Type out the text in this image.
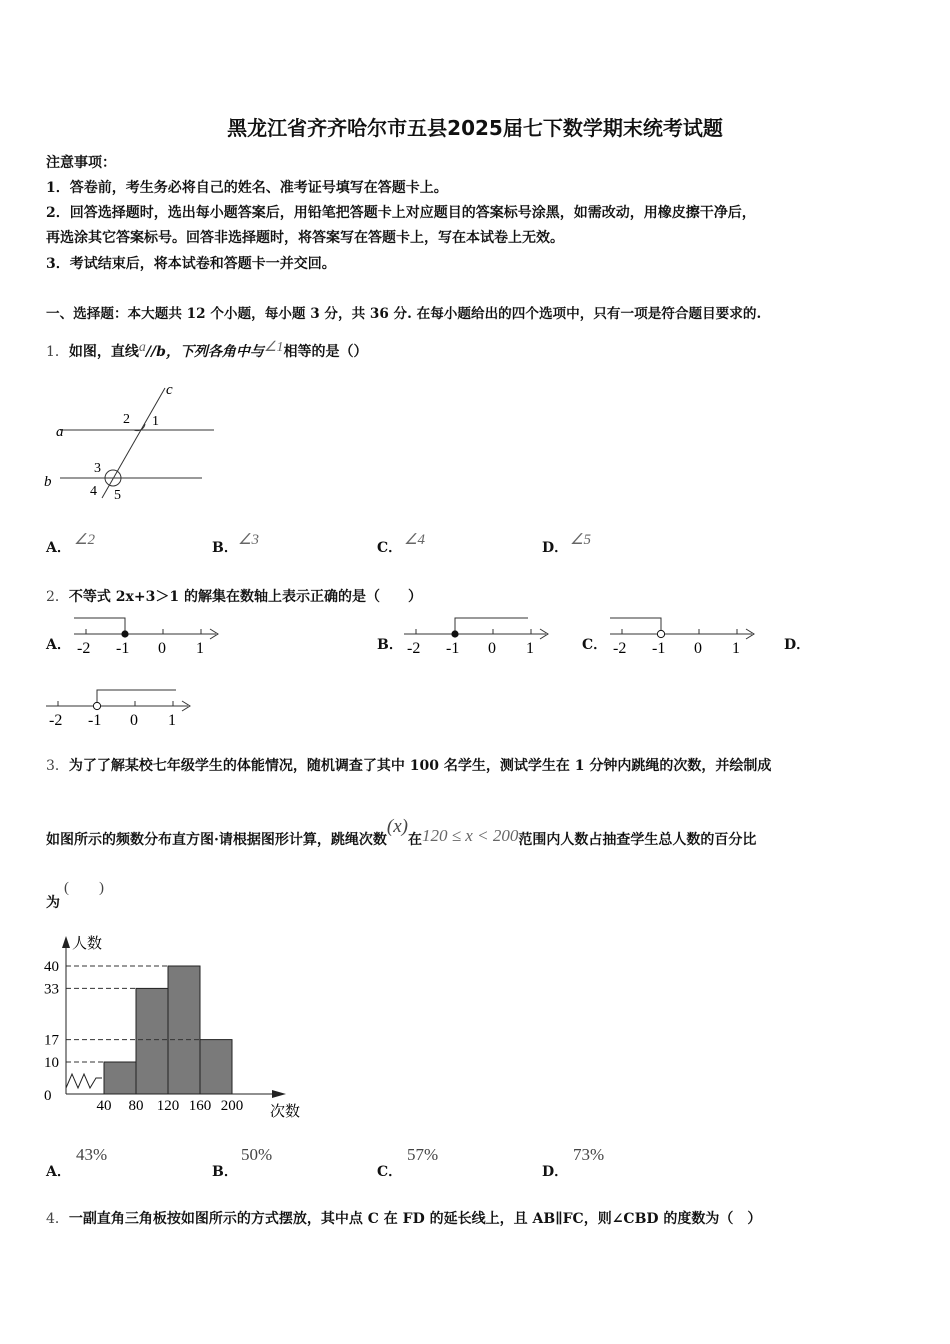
黑龙江省齐齐哈尔市五县2025届七下数学期末统考试题
注意事项：
1．答卷前，考生务必将自己的姓名、准考证号填写在答题卡上。
2．回答选择题时，选出每小题答案后，用铅笔把答题卡上对应题目的答案标号涂黑，如需改动，用橡皮擦干净后，
再选涂其它答案标号。回答非选择题时，将答案写在答题卡上，写在本试卷上无效。
3．考试结束后，将本试卷和答题卡一并交回。
一、选择题：本大题共 12 个小题，每小题 3 分，共 36 分. 在每小题给出的四个选项中，只有一项是符合题目要求的.
1．如图，直线a//b，下列各角中与∠1相等的是（）
a
b
c
1
2
3
4 5
A． ∠2	B． ∠3	C． ∠4	D． ∠5
2．不等式 2x+3＞1 的解集在数轴上表示正确的是（　　）
A． -2 -1 0 1	B． -2 -1 0 1	C． -2 -1 0 1	D．
-2 -1 0 1
3．为了了解某校七年级学生的体能情况，随机调查了其中 100 名学生，测试学生在 1 分钟内跳绳的次数，并绘制成
如图所示的频数分布直方图·请根据图形计算，跳绳次数(x)在120 ≤ x < 200范围内人数占抽查学生总人数的百分比
为
(　　)
人数
次数
0
10
17
33
40
40 80 120 160 200
A．
43%
B．
50%
C．
57%
D．
73%
4．一副直角三角板按如图所示的方式摆放，其中点 C 在 FD 的延长线上，且 AB∥FC，则∠CBD 的度数为（　）
